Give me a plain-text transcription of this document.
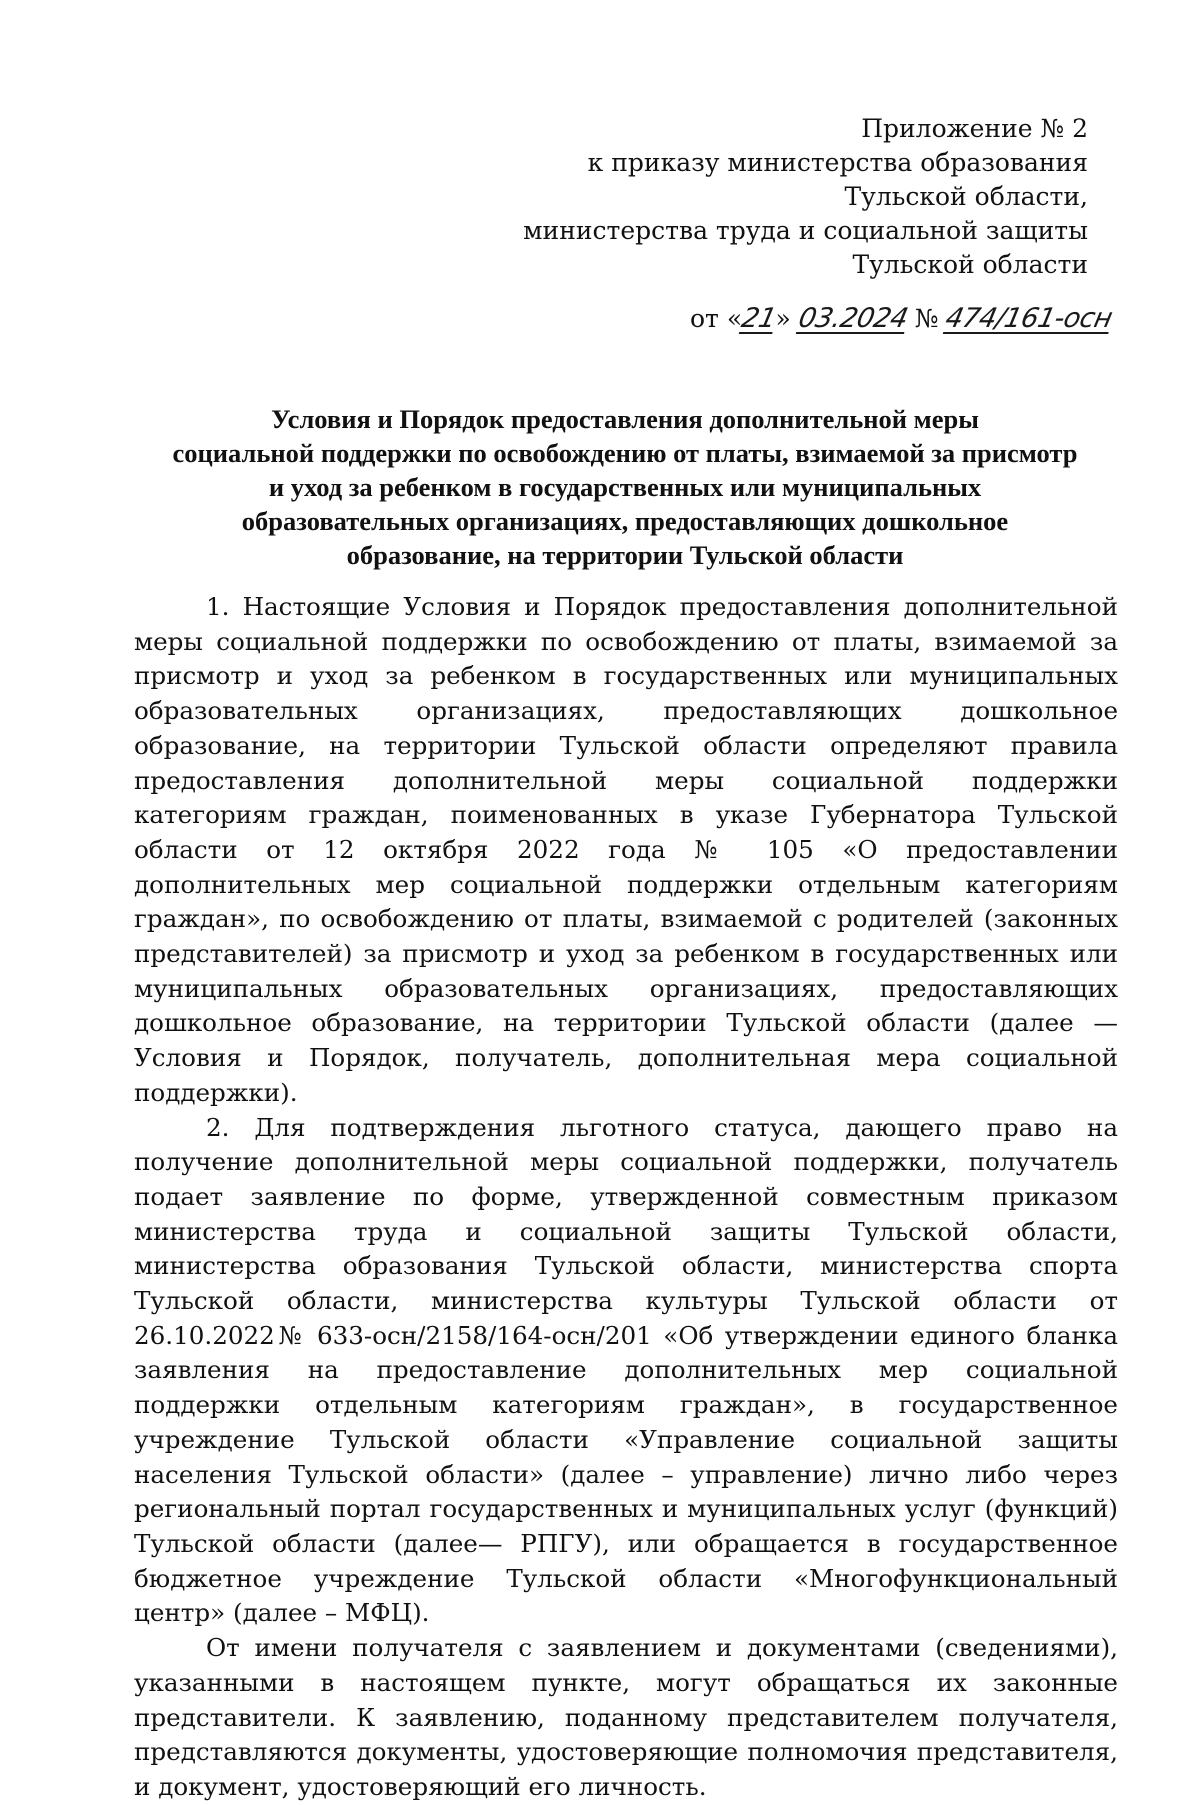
Приложение № 2
к приказу министерства образования
Тульской области,
министерства труда и социальной защиты
Тульской области
от «21» 03.2024 № 474/161-осн
Условия и Порядок предоставления дополнительной меры
социальной поддержки по освобождению от платы, взимаемой за присмотр
и уход за ребенком в государственных или муниципальных
образовательных организациях, предоставляющих дошкольное
образование, на территории Тульской области

1. Настоящие Условия и Порядок предоставления дополнительной меры социальной поддержки по освобождению от платы, взимаемой за присмотр и уход за ребенком в государственных или муниципальных образовательных организациях, предоставляющих дошкольное образование, на территории Тульской области определяют правила предоставления дополнительной меры социальной поддержки категориям граждан, поименованных в указе Губернатора Тульской области от 12 октября 2022 года № 105 «О предоставлении дополнительных мер социальной поддержки отдельным категориям граждан», по освобождению от платы, взимаемой с родителей (законных представителей) за присмотр и уход за ребенком в государственных или муниципальных образовательных организациях, предоставляющих дошкольное образование, на территории Тульской области (далее — Условия и Порядок, получатель, дополнительная мера социальной поддержки).

2. Для подтверждения льготного статуса, дающего право на получение дополнительной меры социальной поддержки, получатель подает заявление по форме, утвержденной совместным приказом министерства труда и социальной защиты Тульской области, министерства образования Тульской области, министерства спорта Тульской области, министерства культуры Тульской области от 26.10.2022№ 633-осн/2158/164-осн/201 «Об утверждении единого бланка заявления на предоставление дополнительных мер социальной поддержки отдельным категориям граждан», в государственное учреждение Тульской области «Управление социальной защиты населения Тульской области» (далее – управление) лично либо через региональный портал государственных и муниципальных услуг (функций) Тульской области (далее— РПГУ), или обращается в государственное бюджетное учреждение Тульской области «Многофункциональный центр» (далее – МФЦ).

От имени получателя с заявлением и документами (сведениями), указанными в настоящем пункте, могут обращаться их законные представители. К заявлению, поданному представителем получателя, представляются документы, удостоверяющие полномочия представителя, и документ, удостоверяющий его личность.
